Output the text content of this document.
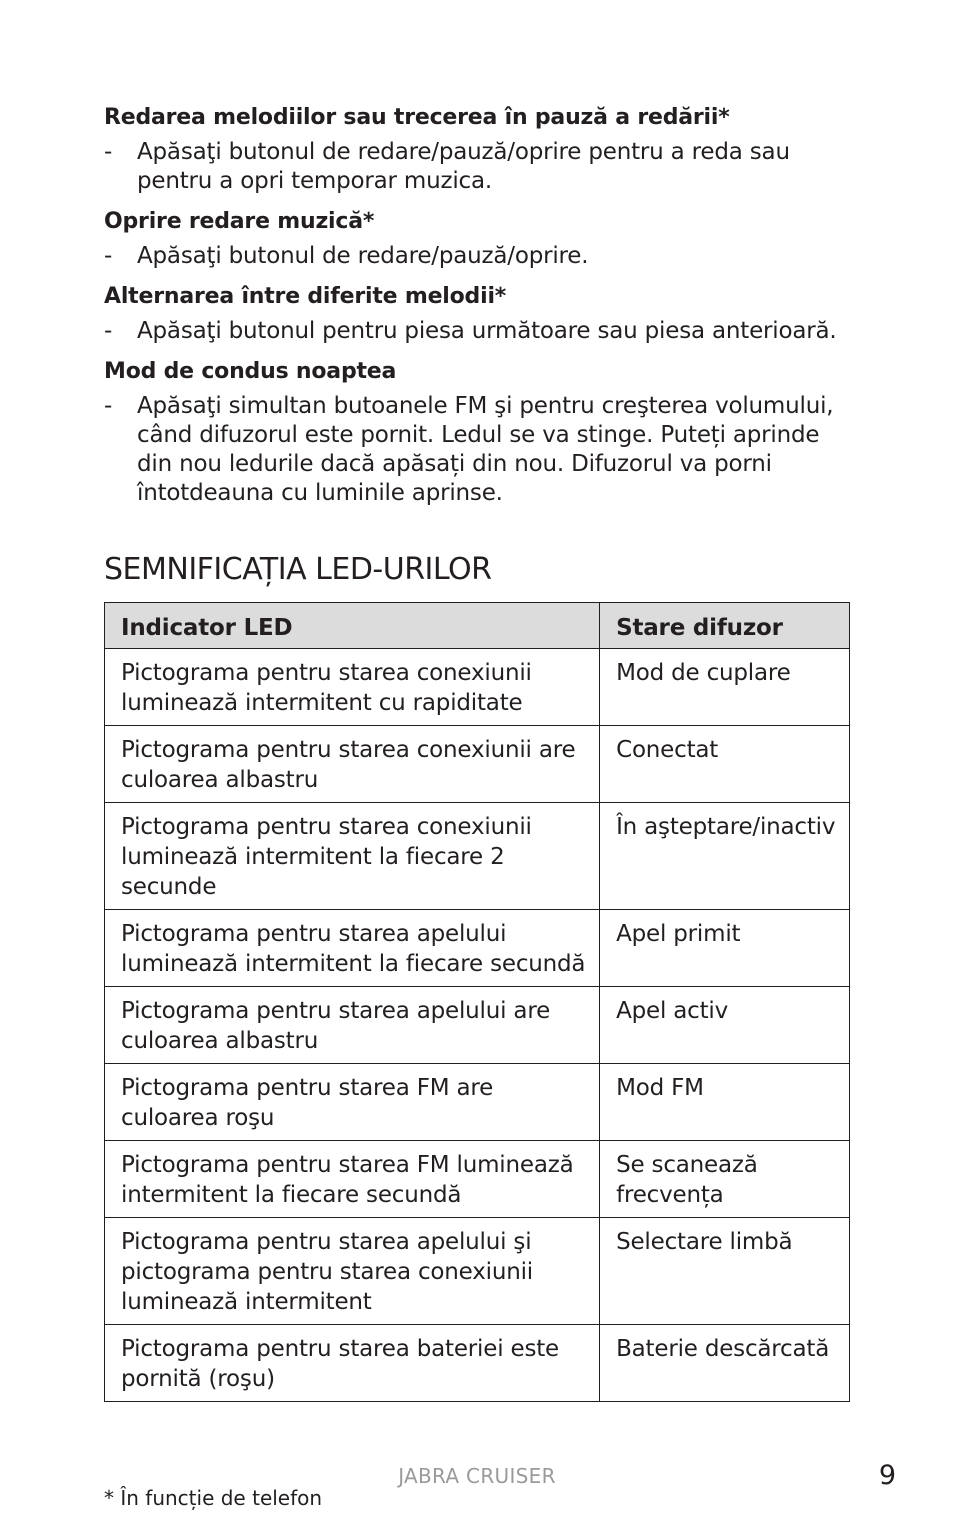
Redarea melodiilor sau trecerea în pauză a redării*
-	Apăsaţi butonul de redare/pauză/oprire pentru a reda sau pentru a opri temporar muzica.
Oprire redare muzică*
-	Apăsaţi butonul de redare/pauză/oprire.
Alternarea între diferite melodii*
-	Apăsaţi butonul pentru piesa următoare sau piesa anterioară.
Mod de condus noaptea
-	Apăsaţi simultan butoanele FM şi pentru creşterea volumului, când difuzorul este pornit. Ledul se va stinge. Puteți aprinde din nou ledurile dacă apăsați din nou. Difuzorul va porni întotdeauna cu luminile aprinse.
SEMNIFICAȚIA LED-URILOR
Indicator LED	Stare difuzor
Pictograma pentru starea conexiunii luminează intermitent cu rapiditate	Mod de cuplare
Pictograma pentru starea conexiunii are culoarea albastru	Conectat
Pictograma pentru starea conexiunii luminează intermitent la fiecare 2 secunde	În aşteptare/inactiv
Pictograma pentru starea apelului luminează intermitent la fiecare secundă	Apel primit
Pictograma pentru starea apelului are culoarea albastru	Apel activ
Pictograma pentru starea FM are culoarea roşu	Mod FM
Pictograma pentru starea FM luminează intermitent la fiecare secundă	Se scanează frecvența
Pictograma pentru starea apelului şi pictograma pentru starea conexiunii luminează intermitent	Selectare limbă
Pictograma pentru starea bateriei este pornită (roşu)	Baterie descărcată
JABRA CRUISER	9
* În funcție de telefon
